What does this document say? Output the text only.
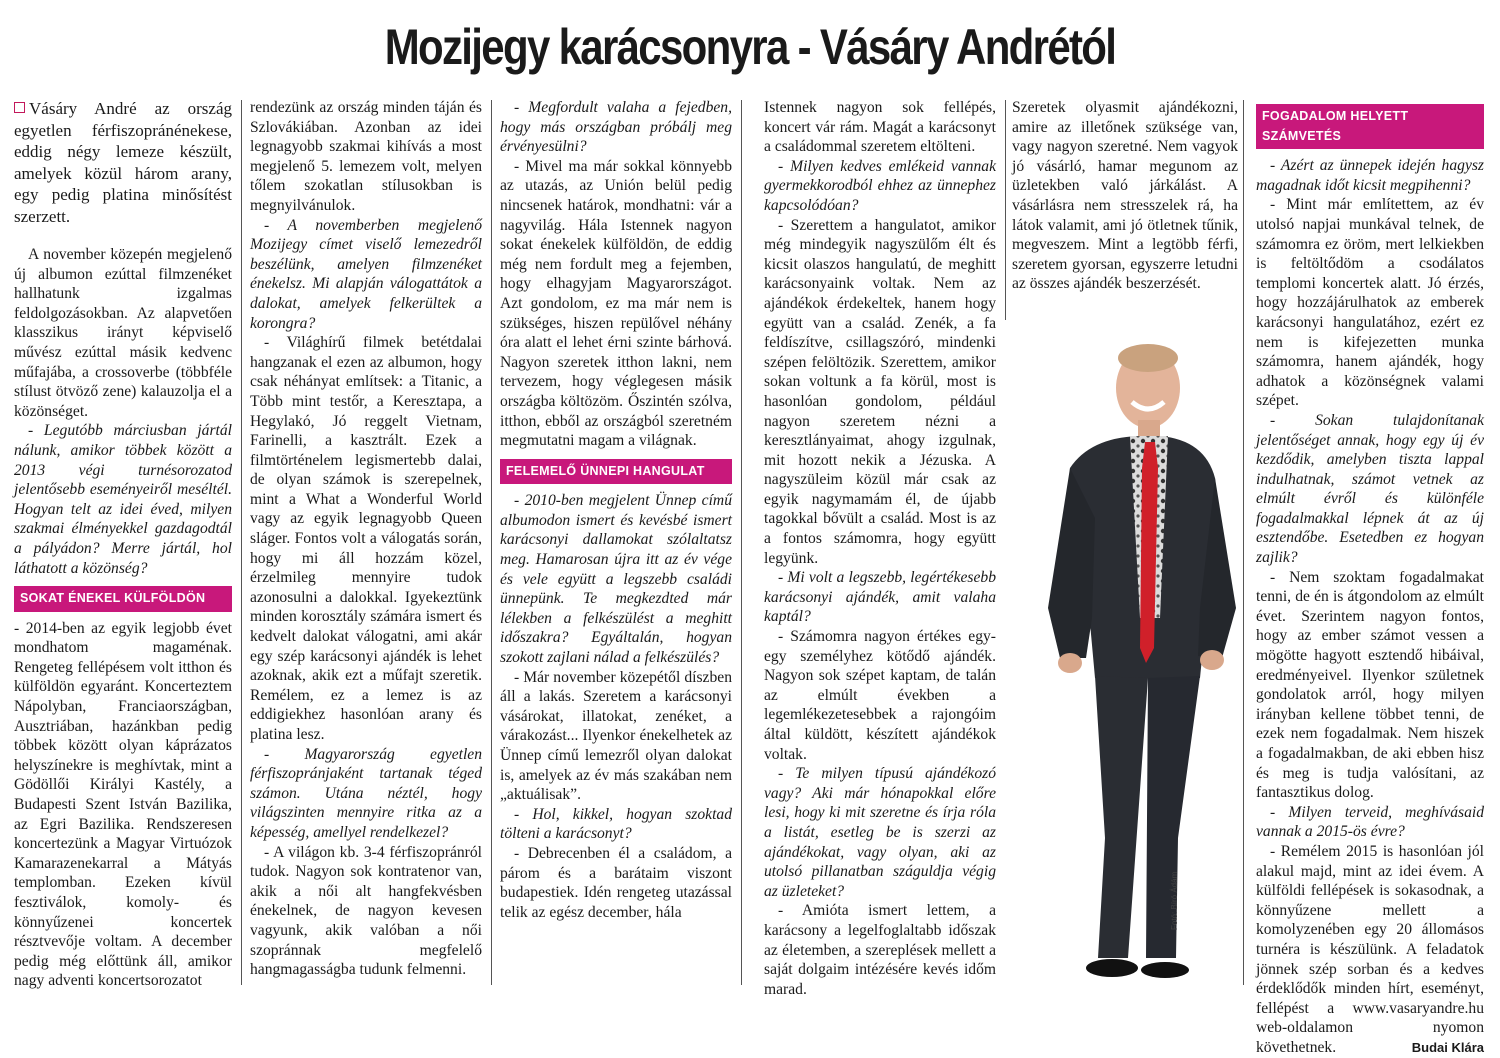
Mozijegy karácsonyra - Vásáry Andrétól

Vásáry André az ország egyetlen férfiszopránénekese, eddig négy lemeze készült, amelyek közül három arany, egy pedig platina minősítést szerzett.

A november közepén megjelenő új albumon ezúttal filmzenéket hallhatunk izgalmas feldolgozásokban. Az alapvetően klasszikus irányt képviselő művész ezúttal másik kedvenc műfajába, a crossoverbe (többféle stílust ötvöző zene) kalauzolja el a közönséget.

- Legutóbb márciusban jártál nálunk, amikor többek között a 2013 végi turnésorozatod jelentősebb eseményeiről meséltél. Hogyan telt az idei éved, milyen szakmai élményekkel gazdagodtál a pályádon? Merre jártál, hol láthatott a közönség?

SOKAT ÉNEKEL KÜLFÖLDÖN

- 2014-ben az egyik legjobb évet mondhatom magaménak. Rengeteg fellépésem volt itthon és külföldön egyaránt. Koncerteztem Nápolyban, Franciaországban, Ausztriában, hazánkban pedig többek között olyan káprázatos helyszínekre is meghívtak, mint a Gödöllői Királyi Kastély, a Budapesti Szent István Bazilika, az Egri Bazilika. Rendszeresen koncertezünk a Magyar Virtuózok Kamarazenekarral a Mátyás templomban. Ezeken kívül fesztiválok, komoly- és könnyűzenei koncertek résztvevője voltam. A december pedig még előttünk áll, amikor nagy adventi koncertsorozatot

rendezünk az ország minden táján és Szlovákiában. Azonban az idei legnagyobb szakmai kihívás a most megjelenő 5. lemezem volt, melyen tőlem szokatlan stílusokban is megnyilvánulok.

- A novemberben megjelenő Mozijegy címet viselő lemezedről beszélünk, amelyen filmzenéket énekelsz. Mi alapján válogattátok a dalokat, amelyek felkerültek a korongra?

- Világhírű filmek betétdalai hangzanak el ezen az albumon, hogy csak néhányat említsek: a Titanic, a Több mint testőr, a Keresztapa, a Hegylakó, Jó reggelt Vietnam, Farinelli, a kasztrált. Ezek a filmtörténelem legismertebb dalai, de olyan számok is szerepelnek, mint a What a Wonderful World vagy az egyik legnagyobb Queen sláger. Fontos volt a válogatás során, hogy mi áll hozzám közel, érzelmileg mennyire tudok azonosulni a dalokkal. Igyekeztünk minden korosztály számára ismert és kedvelt dalokat válogatni, ami akár egy szép karácsonyi ajándék is lehet azoknak, akik ezt a műfajt szeretik. Remélem, ez a lemez is az eddigiekhez hasonlóan arany és platina lesz.

- Magyarország egyetlen férfiszopránjaként tartanak téged számon. Utána néztél, hogy világszinten mennyire ritka az a képesség, amellyel rendelkezel?

- A világon kb. 3-4 férfiszopránról tudok. Nagyon sok kontratenor van, akik a női alt hangfekvésben énekelnek, de nagyon kevesen vagyunk, akik valóban a női szopránnak megfelelő hangmagasságba tudunk felmenni.

- Megfordult valaha a fejedben, hogy más országban próbálj meg érvényesülni?

- Mivel ma már sokkal könnyebb az utazás, az Unión belül pedig nincsenek határok, mondhatni: vár a nagyvilág. Hála Istennek nagyon sokat énekelek külföldön, de eddig még nem fordult meg a fejemben, hogy elhagyjam Magyarországot. Azt gondolom, ez ma már nem is szükséges, hiszen repülővel néhány óra alatt el lehet érni szinte bárhová. Nagyon szeretek itthon lakni, nem tervezem, hogy véglegesen másik országba költözöm. Őszintén szólva, itthon, ebből az országból szeretném megmutatni magam a világnak.

FELEMELŐ ÜNNEPI HANGULAT

- 2010-ben megjelent Ünnep című albumodon ismert és kevésbé ismert karácsonyi dallamokat szólaltatsz meg. Hamarosan újra itt az év vége és vele együtt a legszebb családi ünnepünk. Te megkezdted már lélekben a felkészülést a meghitt időszakra? Egyáltalán, hogyan szokott zajlani nálad a felkészülés?

- Már november közepétől díszben áll a lakás. Szeretem a karácsonyi vásárokat, illatokat, zenéket, a várakozást... Ilyenkor énekelhetek az Ünnep című lemezről olyan dalokat is, amelyek az év más szakában nem „aktuálisak”.

- Hol, kikkel, hogyan szoktad tölteni a karácsonyt?

- Debrecenben él a családom, a párom és a barátaim viszont budapestiek. Idén rengeteg utazással telik az egész december, hála

Istennek nagyon sok fellépés, koncert vár rám. Magát a karácsonyt a családommal szeretem eltölteni.

- Milyen kedves emlékeid vannak gyermekkorodból ehhez az ünnephez kapcsolódóan?

- Szerettem a hangulatot, amikor még mindegyik nagyszülőm élt és kicsit olaszos hangulatú, de meghitt karácsonyaink voltak. Nem az ajándékok érdekeltek, hanem hogy együtt van a család. Zenék, a fa feldíszítve, csillagszóró, mindenki szépen felöltözik. Szerettem, amikor sokan voltunk a fa körül, most is hasonlóan gondolom, például nagyon szeretem nézni a keresztlányaimat, ahogy izgulnak, mit hozott nekik a Jézuska. A nagyszüleim közül már csak az egyik nagymamám él, de újabb tagokkal bővült a család. Most is az a fontos számomra, hogy együtt legyünk.

- Mi volt a legszebb, legértékesebb karácsonyi ajándék, amit valaha kaptál?

- Számomra nagyon értékes egy-egy személyhez kötődő ajándék. Nagyon sok szépet kaptam, de talán az elmúlt években a legemlékezetesebbek a rajongóim által küldött, készített ajándékok voltak.

- Te milyen típusú ajándékozó vagy? Aki már hónapokkal előre lesi, hogy ki mit szeretne és írja róla a listát, esetleg be is szerzi az ajándékokat, vagy olyan, aki az utolsó pillanatban száguldja végig az üzleteket?

- Amióta ismert lettem, a karácsony a legelfoglaltabb időszak az életemben, a szereplések mellett a saját dolgaim intézésére kevés időm marad.

Szeretek olyasmit ajándékozni, amire az illetőnek szüksége van, vagy nagyon szeretné. Nem vagyok jó vásárló, hamar megunom az üzletekben való járkálást. A vásárlásra nem stresszelek rá, ha látok valamit, ami jó ötletnek tűnik, megveszem. Mint a legtöbb férfi, szeretem gyorsan, egyszerre letudni az összes ajándék beszerzését.

Fotó: Bíró Ádám
FOGADALOM HELYETT SZÁMVETÉS

- Azért az ünnepek idején hagysz magadnak időt kicsit megpihenni?

- Mint már említettem, az év utolsó napjai munkával telnek, de számomra ez öröm, mert lelkiekben is feltöltődöm a csodálatos templomi koncertek alatt. Jó érzés, hogy hozzájárulhatok az emberek karácsonyi hangulatához, ezért ez nem is kifejezetten munka számomra, hanem ajándék, hogy adhatok a közönségnek valami szépet.

- Sokan tulajdonítanak jelentőséget annak, hogy egy új év kezdődik, amelyben tiszta lappal indulhatnak, számot vetnek az elmúlt évről és különféle fogadalmakkal lépnek át az új esztendőbe. Esetedben ez hogyan zajlik?

- Nem szoktam fogadalmakat tenni, de én is átgondolom az elmúlt évet. Szerintem nagyon fontos, hogy az ember számot vessen a mögötte hagyott esztendő hibáival, eredményeivel. Ilyenkor születnek gondolatok arról, hogy milyen irányban kellene többet tenni, de ezek nem fogadalmak. Nem hiszek a fogadalmakban, de aki ebben hisz és meg is tudja valósítani, az fantasztikus dolog.

- Milyen terveid, meghívásaid vannak a 2015-ös évre?

- Remélem 2015 is hasonlóan jól alakul majd, mint az idei évem. A külföldi fellépések is sokasodnak, a könnyűzene mellett a komolyzenében egy 20 állomásos turnéra is készülünk. A feladatok jönnek szép sorban és a kedves érdeklődők minden hírt, eseményt, fellépést a www.vasaryandre.hu web-oldalamon nyomon követhetnek.	Budai Klára
